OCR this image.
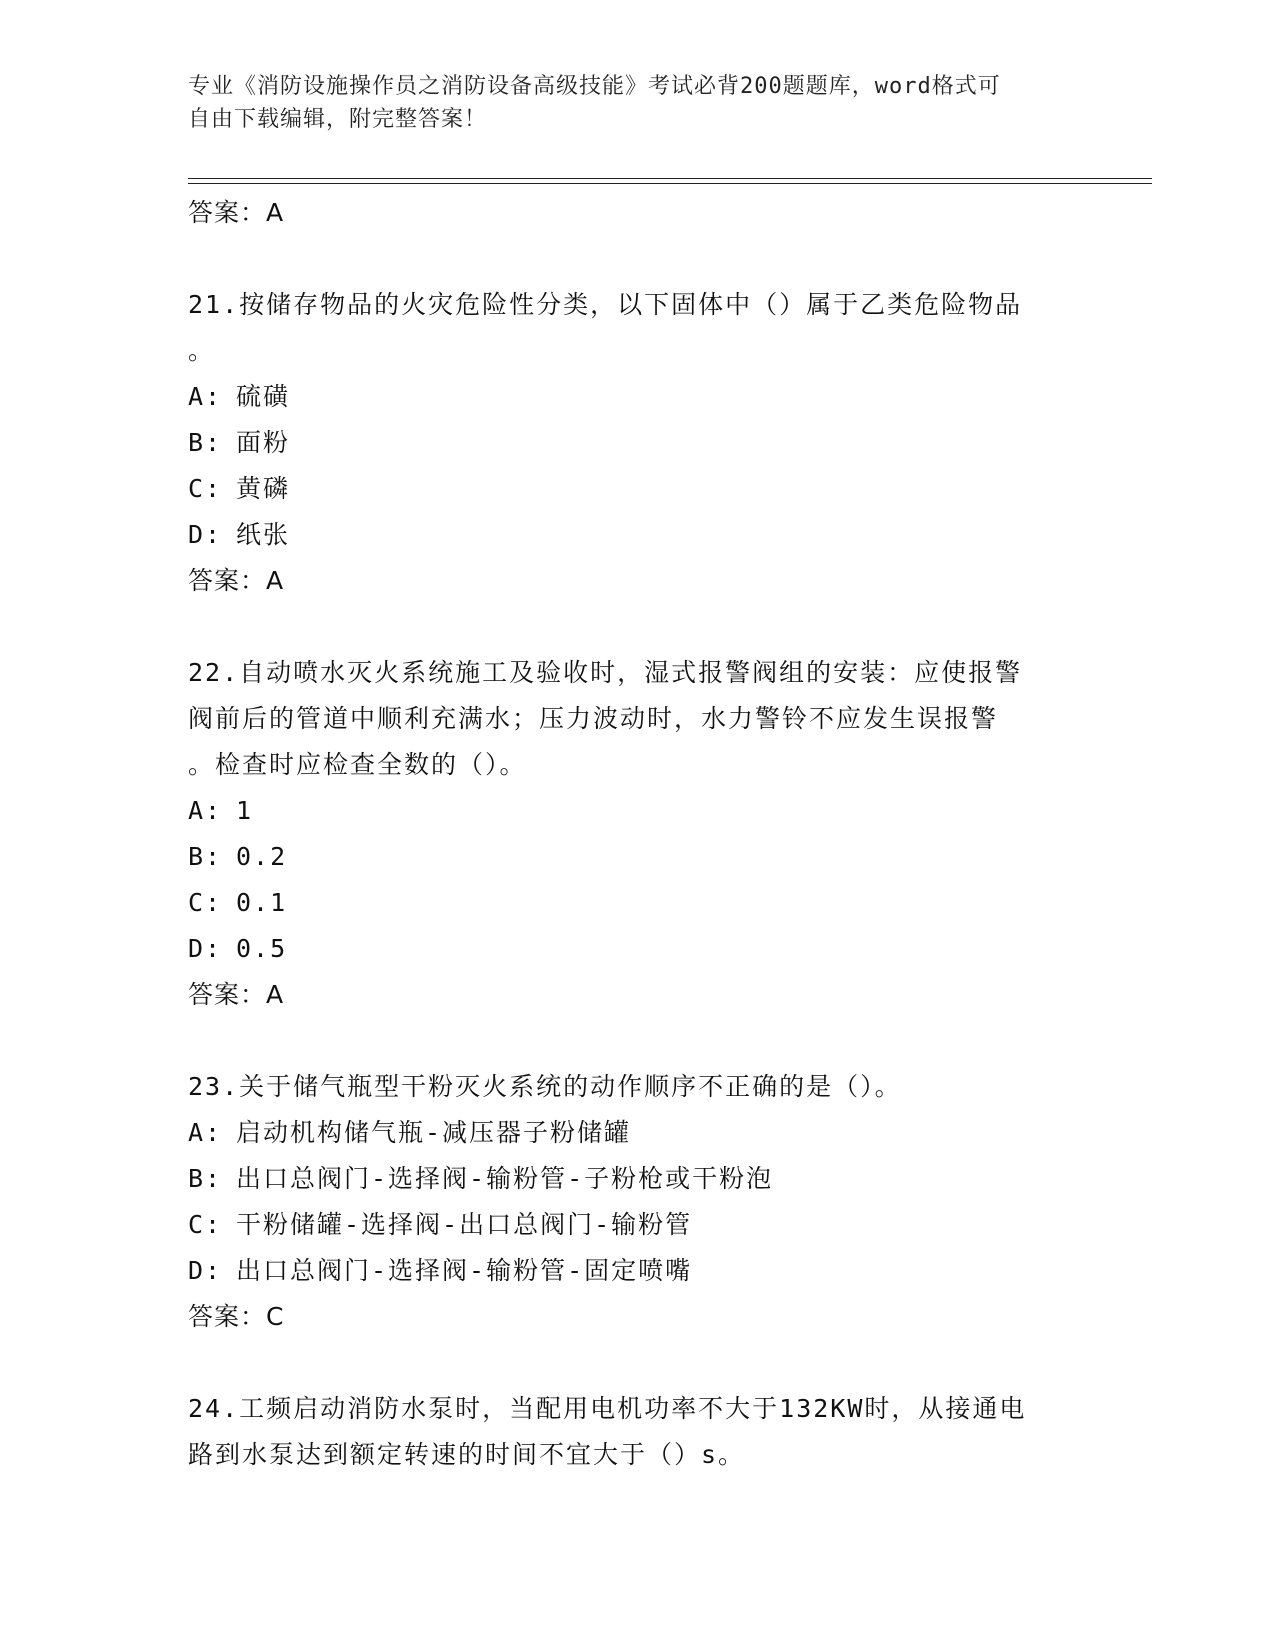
专业《消防设施操作员之消防设备高级技能》考试必背200题题库，word格式可
自由下载编辑，附完整答案！
答案：A
21.按储存物品的火灾危险性分类，以下固体中（）属于乙类危险物品
。
A: 硫磺
B: 面粉
C: 黄磷
D: 纸张
答案：A
22.自动喷水灭火系统施工及验收时，湿式报警阀组的安装：应使报警
阀前后的管道中顺利充满水；压力波动时，水力警铃不应发生误报警
。检查时应检查全数的（）。
A: 1
B: 0.2
C: 0.1
D: 0.5
答案：A
23.关于储气瓶型干粉灭火系统的动作顺序不正确的是（）。
A: 启动机构储气瓶-减压器子粉储罐
B: 出口总阀门-选择阀-输粉管-子粉枪或干粉泡
C: 干粉储罐-选择阀-出口总阀门-输粉管
D: 出口总阀门-选择阀-输粉管-固定喷嘴
答案：C
24.工频启动消防水泵时，当配用电机功率不大于132KW时，从接通电
路到水泵达到额定转速的时间不宜大于（）s。
